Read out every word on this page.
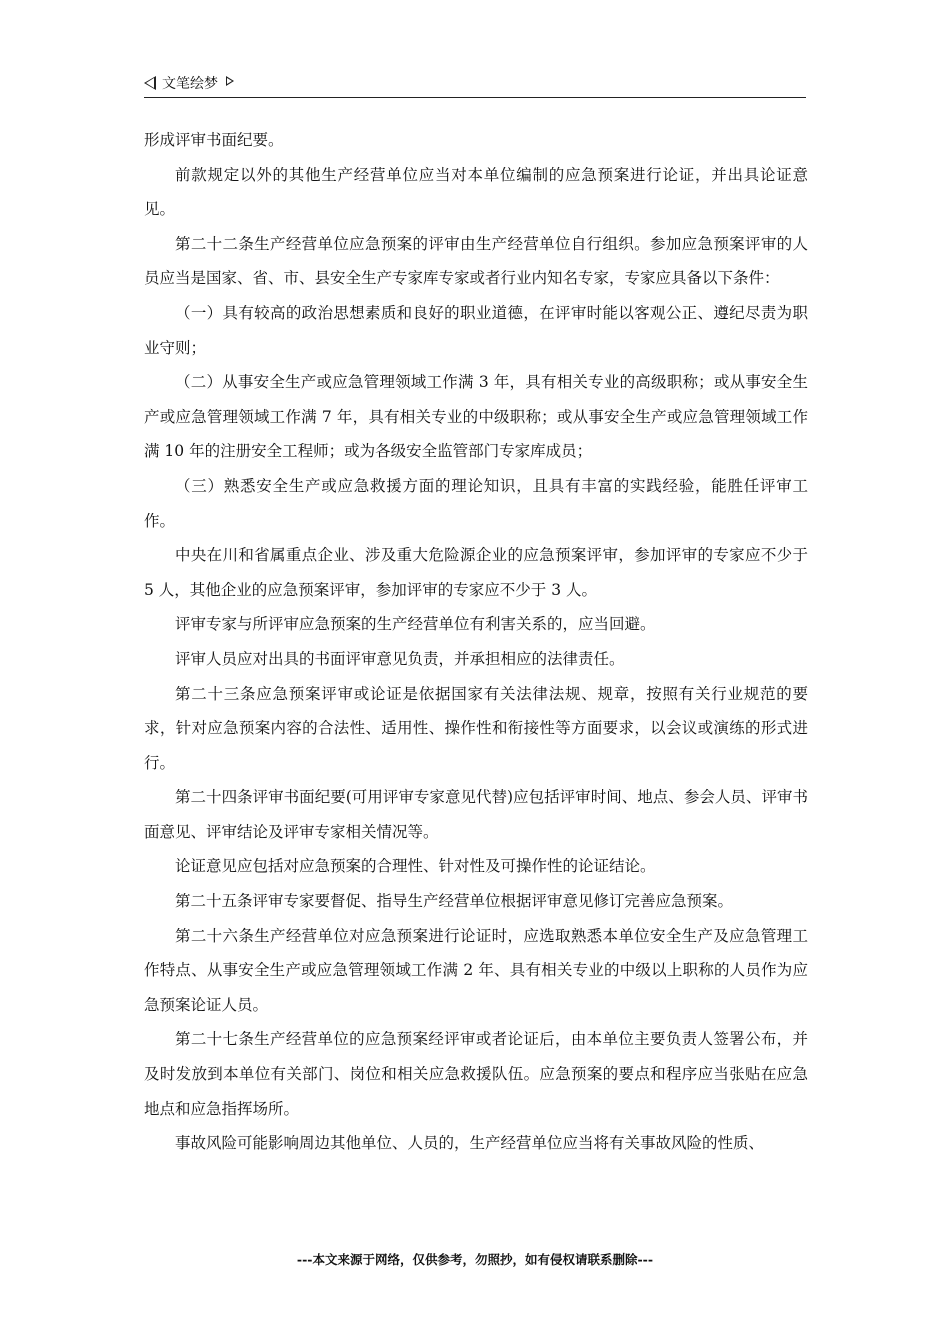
文笔绘梦

形成评审书面纪要。

前款规定以外的其他生产经营单位应当对本单位编制的应急预案进行论证，并出具论证意见。

第二十二条生产经营单位应急预案的评审由生产经营单位自行组织。参加应急预案评审的人员应当是国家、省、市、县安全生产专家库专家或者行业内知名专家，专家应具备以下条件：

（一）具有较高的政治思想素质和良好的职业道德，在评审时能以客观公正、遵纪尽责为职业守则；

（二）从事安全生产或应急管理领域工作满 3 年，具有相关专业的高级职称；或从事安全生产或应急管理领域工作满 7 年，具有相关专业的中级职称；或从事安全生产或应急管理领域工作满 10 年的注册安全工程师；或为各级安全监管部门专家库成员；

（三）熟悉安全生产或应急救援方面的理论知识，且具有丰富的实践经验，能胜任评审工作。

中央在川和省属重点企业、涉及重大危险源企业的应急预案评审，参加评审的专家应不少于 5 人，其他企业的应急预案评审，参加评审的专家应不少于 3 人。

评审专家与所评审应急预案的生产经营单位有利害关系的，应当回避。

评审人员应对出具的书面评审意见负责，并承担相应的法律责任。

第二十三条应急预案评审或论证是依据国家有关法律法规、规章，按照有关行业规范的要求，针对应急预案内容的合法性、适用性、操作性和衔接性等方面要求，以会议或演练的形式进行。

第二十四条评审书面纪要(可用评审专家意见代替)应包括评审时间、地点、参会人员、评审书面意见、评审结论及评审专家相关情况等。

论证意见应包括对应急预案的合理性、针对性及可操作性的论证结论。

第二十五条评审专家要督促、指导生产经营单位根据评审意见修订完善应急预案。

第二十六条生产经营单位对应急预案进行论证时，应选取熟悉本单位安全生产及应急管理工作特点、从事安全生产或应急管理领域工作满 2 年、具有相关专业的中级以上职称的人员作为应急预案论证人员。

第二十七条生产经营单位的应急预案经评审或者论证后，由本单位主要负责人签署公布，并及时发放到本单位有关部门、岗位和相关应急救援队伍。应急预案的要点和程序应当张贴在应急地点和应急指挥场所。

事故风险可能影响周边其他单位、人员的，生产经营单位应当将有关事故风险的性质、

---本文来源于网络，仅供参考，勿照抄，如有侵权请联系删除---
